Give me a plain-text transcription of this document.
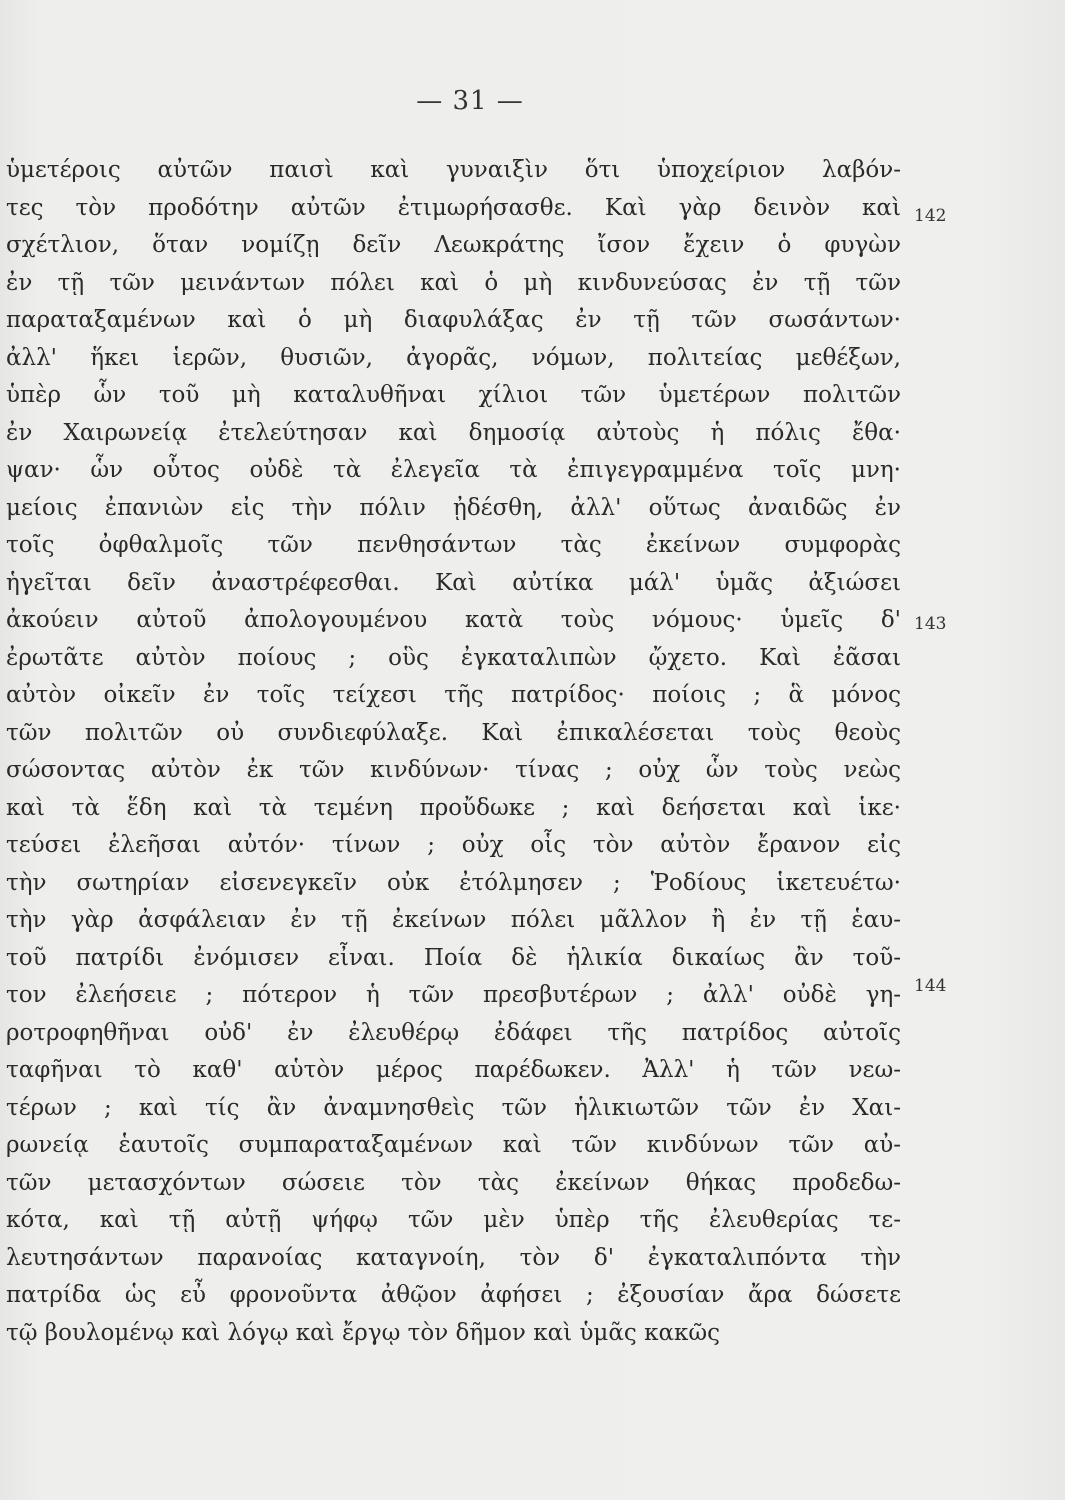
— 31 —
142
143
144
ὑμετέροις αὐτῶν παισὶ καὶ γυναιξὶν ὅτι ὑποχείριον λαβόν-
τες τὸν προδότην αὐτῶν ἐτιμωρήσασθε. Καὶ γὰρ δεινὸν καὶ
σχέτλιον, ὅταν νομίζῃ δεῖν Λεωκράτης ἴσον ἔχειν ὁ φυγὼν
ἐν τῇ τῶν μεινάντων πόλει καὶ ὁ μὴ κινδυνεύσας ἐν τῇ τῶν
παραταξαμένων καὶ ὁ μὴ διαφυλάξας ἐν τῇ τῶν σωσάντων·
ἀλλ' ἥκει ἱερῶν, θυσιῶν, ἀγορᾶς, νόμων, πολιτείας μεθέξων,
ὑπὲρ ὧν τοῦ μὴ καταλυθῆναι χίλιοι τῶν ὑμετέρων πολιτῶν
ἐν Χαιρωνείᾳ ἐτελεύτησαν καὶ δημοσίᾳ αὐτοὺς ἡ πόλις ἔθα·
ψαν· ὧν οὗτος οὐδὲ τὰ ἐλεγεῖα τὰ ἐπιγεγραμμένα τοῖς μνη·
μείοις ἐπανιὼν εἰς τὴν πόλιν ᾐδέσθη, ἀλλ' οὕτως ἀναιδῶς ἐν
τοῖς ὀφθαλμοῖς τῶν πενθησάντων τὰς ἐκείνων συμφορὰς
ἡγεῖται δεῖν ἀναστρέφεσθαι. Καὶ αὐτίκα μάλ' ὑμᾶς ἀξιώσει
ἀκούειν αὐτοῦ ἀπολογουμένου κατὰ τοὺς νόμους· ὑμεῖς δ'
ἐρωτᾶτε αὐτὸν ποίους ; οὓς ἐγκαταλιπὼν ᾤχετο. Καὶ ἐᾶσαι
αὐτὸν οἰκεῖν ἐν τοῖς τείχεσι τῆς πατρίδος· ποίοις ; ἃ μόνος
τῶν πολιτῶν οὐ συνδιεφύλαξε. Καὶ ἐπικαλέσεται τοὺς θεοὺς
σώσοντας αὐτὸν ἐκ τῶν κινδύνων· τίνας ; οὐχ ὧν τοὺς νεὼς
καὶ τὰ ἕδη καὶ τὰ τεμένη προὔδωκε ; καὶ δεήσεται καὶ ἱκε·
τεύσει ἐλεῆσαι αὐτόν· τίνων ; οὐχ οἷς τὸν αὐτὸν ἔρανον εἰς
τὴν σωτηρίαν εἰσενεγκεῖν οὐκ ἐτόλμησεν ; Ῥοδίους ἱκετευέτω·
τὴν γὰρ ἀσφάλειαν ἐν τῇ ἐκείνων πόλει μᾶλλον ἢ ἐν τῇ ἑαυ-
τοῦ πατρίδι ἐνόμισεν εἶναι. Ποία δὲ ἡλικία δικαίως ἂν τοῦ-
τον ἐλεήσειε ; πότερον ἡ τῶν πρεσβυτέρων ; ἀλλ' οὐδὲ γη-
ροτροφηθῆναι οὐδ' ἐν ἐλευθέρῳ ἐδάφει τῆς πατρίδος αὐτοῖς
ταφῆναι τὸ καθ' αὑτὸν μέρος παρέδωκεν. Ἀλλ' ἡ τῶν νεω-
τέρων ; καὶ τίς ἂν ἀναμνησθεὶς τῶν ἡλικιωτῶν τῶν ἐν Χαι-
ρωνείᾳ ἑαυτοῖς συμπαραταξαμένων καὶ τῶν κινδύνων τῶν αὐ-
τῶν μετασχόντων σώσειε τὸν τὰς ἐκείνων θήκας προδεδω-
κότα, καὶ τῇ αὐτῇ ψήφῳ τῶν μὲν ὑπὲρ τῆς ἐλευθερίας τε-
λευτησάντων παρανοίας καταγνοίη, τὸν δ' ἐγκαταλιπόντα τὴν
πατρίδα ὡς εὖ φρονοῦντα ἀθῷον ἀφήσει ; ἐξουσίαν ἄρα δώσετε
τῷ βουλομένῳ καὶ λόγῳ καὶ ἔργῳ τὸν δῆμον καὶ ὑμᾶς κακῶς
